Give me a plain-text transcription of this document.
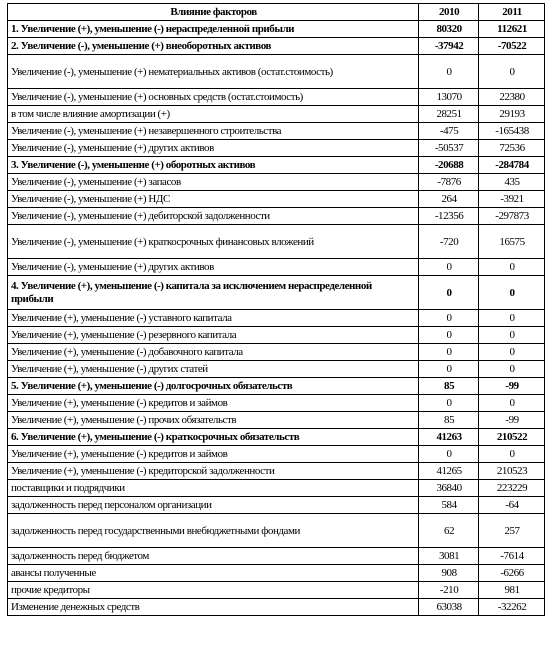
Влияние факторов	2010	2011
1. Увеличение (+), уменьшение (-) нераспределенной прибыли	80320	112621
2. Увеличение (-), уменьшение (+) внеоборотных активов	-37942	-70522
Увеличение (-), уменьшение (+) нематериальных активов (остат.стоимость)	0	0
Увеличение (-), уменьшение (+) основных средств (остат.стоимость)	13070	22380
в том числе влияние амортизации (+)	28251	29193
Увеличение (-), уменьшение (+) незавершенного строительства	-475	-165438
Увеличение (-), уменьшение (+) других активов	-50537	72536
3. Увеличение (-), уменьшение (+) оборотных активов	-20688	-284784
Увеличение (-), уменьшение (+) запасов	-7876	435
Увеличение (-), уменьшение (+) НДС	264	-3921
Увеличение (-), уменьшение (+) дебиторской задолженности	-12356	-297873
Увеличение (-), уменьшение (+) краткосрочных финансовых вложений	-720	16575
Увеличение (-), уменьшение (+) других активов	0	0
4. Увеличение (+), уменьшение (-) капитала за исключением нераспределенной прибыли	0	0
Увеличение (+), уменьшение (-) уставного капитала	0	0
Увеличение (+), уменьшение (-) резервного капитала	0	0
Увеличение (+), уменьшение (-) добавочного капитала	0	0
Увеличение (+), уменьшение (-) других статей	0	0
5. Увеличение (+), уменьшение (-) долгосрочных обязательств	85	-99
Увеличение (+), уменьшение (-) кредитов и займов	0	0
Увеличение (+), уменьшение (-) прочих обязательств	85	-99
6. Увеличение (+), уменьшение (-) краткосрочных обязательств	41263	210522
Увеличение (+), уменьшение (-) кредитов и займов	0	0
Увеличение (+), уменьшение (-) кредиторской задолженности	41265	210523
поставщики и подрядчики	36840	223229
задолженность перед персоналом организации	584	-64
задолженность перед государственными внебюджетными фондами	62	257
задолженность перед бюджетом	3081	-7614
авансы полученные	908	-6266
прочие кредиторы	-210	981
Изменение денежных средств	63038	-32262
